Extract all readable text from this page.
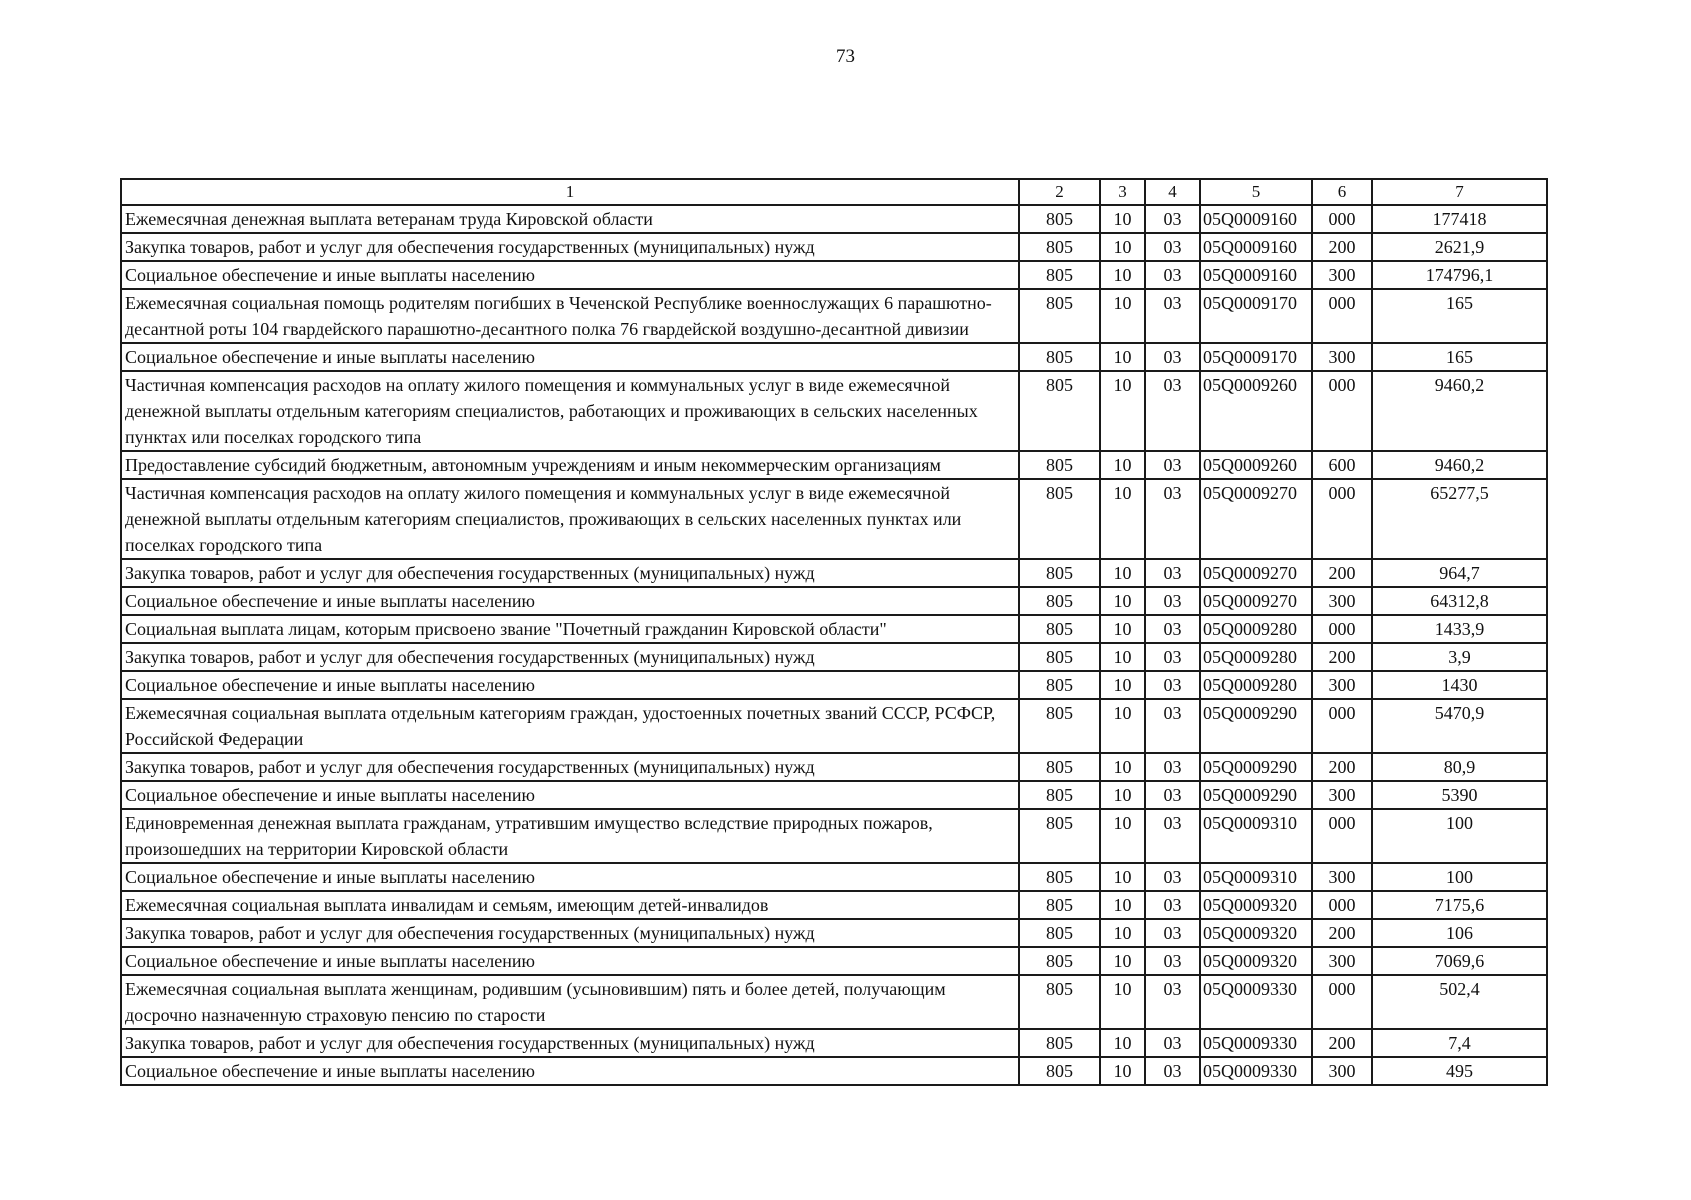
73
1	2	3	4	5	6	7
Ежемесячная денежная выплата ветеранам труда Кировской области	805	10	03	05Q0009160	000	177418
Закупка товаров, работ и услуг для обеспечения государственных (муниципальных) нужд	805	10	03	05Q0009160	200	2621,9
Социальное обеспечение и иные выплаты населению	805	10	03	05Q0009160	300	174796,1
Ежемесячная социальная помощь родителям погибших в Чеченской Республике военнослужащих 6 парашютно-десантной роты 104 гвардейского парашютно-десантного полка 76 гвардейской воздушно-десантной дивизии	805	10	03	05Q0009170	000	165
Социальное обеспечение и иные выплаты населению	805	10	03	05Q0009170	300	165
Частичная компенсация расходов на оплату жилого помещения и коммунальных услуг в виде ежемесячной денежной выплаты отдельным категориям специалистов, работающих и проживающих в сельских населенных пунктах или поселках городского типа	805	10	03	05Q0009260	000	9460,2
Предоставление субсидий бюджетным, автономным учреждениям и иным некоммерческим организациям	805	10	03	05Q0009260	600	9460,2
Частичная компенсация расходов на оплату жилого помещения и коммунальных услуг в виде ежемесячной денежной выплаты отдельным категориям специалистов, проживающих в сельских населенных пунктах или поселках городского типа	805	10	03	05Q0009270	000	65277,5
Закупка товаров, работ и услуг для обеспечения государственных (муниципальных) нужд	805	10	03	05Q0009270	200	964,7
Социальное обеспечение и иные выплаты населению	805	10	03	05Q0009270	300	64312,8
Социальная выплата лицам, которым присвоено звание "Почетный гражданин Кировской области"	805	10	03	05Q0009280	000	1433,9
Закупка товаров, работ и услуг для обеспечения государственных (муниципальных) нужд	805	10	03	05Q0009280	200	3,9
Социальное обеспечение и иные выплаты населению	805	10	03	05Q0009280	300	1430
Ежемесячная социальная выплата отдельным категориям граждан, удостоенных почетных званий СССР, РСФСР, Российской Федерации	805	10	03	05Q0009290	000	5470,9
Закупка товаров, работ и услуг для обеспечения государственных (муниципальных) нужд	805	10	03	05Q0009290	200	80,9
Социальное обеспечение и иные выплаты населению	805	10	03	05Q0009290	300	5390
Единовременная денежная выплата гражданам, утратившим имущество вследствие природных пожаров, произошедших на территории Кировской области	805	10	03	05Q0009310	000	100
Социальное обеспечение и иные выплаты населению	805	10	03	05Q0009310	300	100
Ежемесячная социальная выплата инвалидам и семьям, имеющим детей-инвалидов	805	10	03	05Q0009320	000	7175,6
Закупка товаров, работ и услуг для обеспечения государственных (муниципальных) нужд	805	10	03	05Q0009320	200	106
Социальное обеспечение и иные выплаты населению	805	10	03	05Q0009320	300	7069,6
Ежемесячная социальная выплата женщинам, родившим (усыновившим) пять и более детей, получающим досрочно назначенную страховую пенсию по старости	805	10	03	05Q0009330	000	502,4
Закупка товаров, работ и услуг для обеспечения государственных (муниципальных) нужд	805	10	03	05Q0009330	200	7,4
Социальное обеспечение и иные выплаты населению	805	10	03	05Q0009330	300	495
